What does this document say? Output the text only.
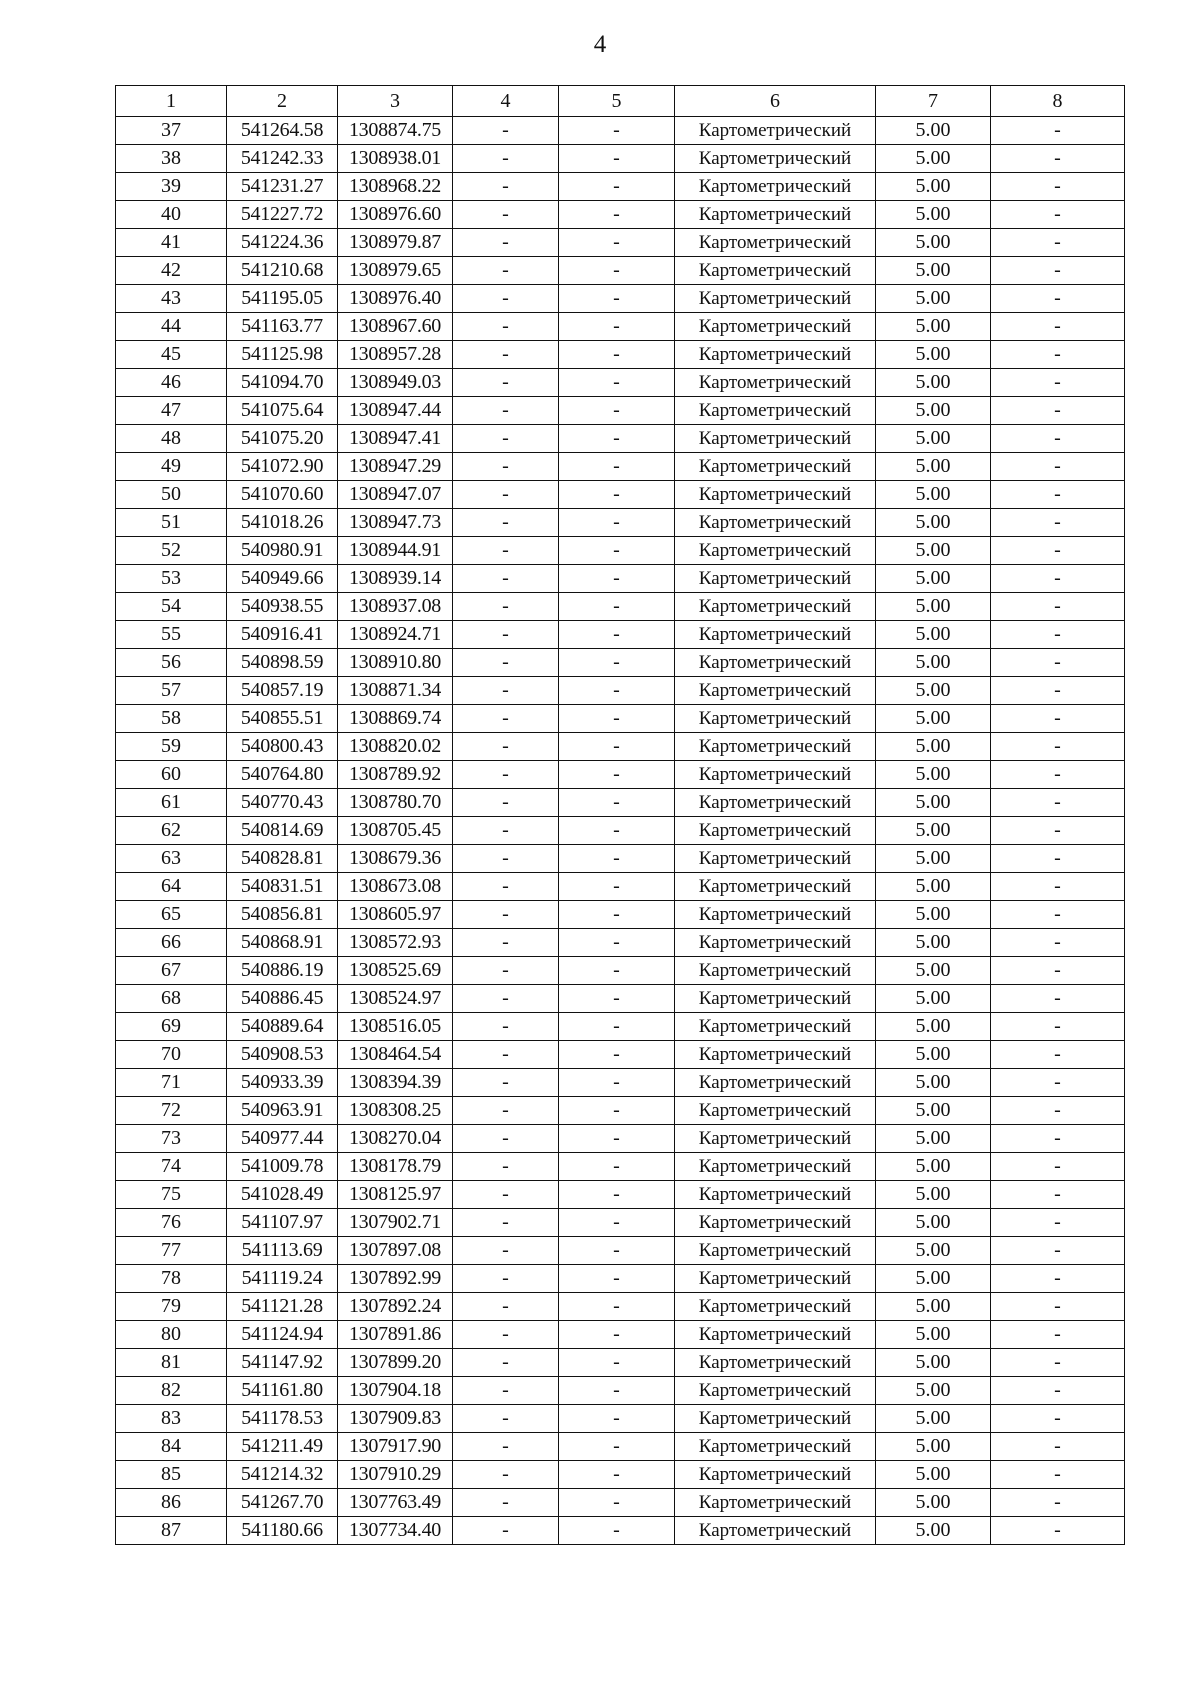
4
1	2	3	4	5	6	7	8
37	541264.58	1308874.75	-	-	Картометрический	5.00	-
38	541242.33	1308938.01	-	-	Картометрический	5.00	-
39	541231.27	1308968.22	-	-	Картометрический	5.00	-
40	541227.72	1308976.60	-	-	Картометрический	5.00	-
41	541224.36	1308979.87	-	-	Картометрический	5.00	-
42	541210.68	1308979.65	-	-	Картометрический	5.00	-
43	541195.05	1308976.40	-	-	Картометрический	5.00	-
44	541163.77	1308967.60	-	-	Картометрический	5.00	-
45	541125.98	1308957.28	-	-	Картометрический	5.00	-
46	541094.70	1308949.03	-	-	Картометрический	5.00	-
47	541075.64	1308947.44	-	-	Картометрический	5.00	-
48	541075.20	1308947.41	-	-	Картометрический	5.00	-
49	541072.90	1308947.29	-	-	Картометрический	5.00	-
50	541070.60	1308947.07	-	-	Картометрический	5.00	-
51	541018.26	1308947.73	-	-	Картометрический	5.00	-
52	540980.91	1308944.91	-	-	Картометрический	5.00	-
53	540949.66	1308939.14	-	-	Картометрический	5.00	-
54	540938.55	1308937.08	-	-	Картометрический	5.00	-
55	540916.41	1308924.71	-	-	Картометрический	5.00	-
56	540898.59	1308910.80	-	-	Картометрический	5.00	-
57	540857.19	1308871.34	-	-	Картометрический	5.00	-
58	540855.51	1308869.74	-	-	Картометрический	5.00	-
59	540800.43	1308820.02	-	-	Картометрический	5.00	-
60	540764.80	1308789.92	-	-	Картометрический	5.00	-
61	540770.43	1308780.70	-	-	Картометрический	5.00	-
62	540814.69	1308705.45	-	-	Картометрический	5.00	-
63	540828.81	1308679.36	-	-	Картометрический	5.00	-
64	540831.51	1308673.08	-	-	Картометрический	5.00	-
65	540856.81	1308605.97	-	-	Картометрический	5.00	-
66	540868.91	1308572.93	-	-	Картометрический	5.00	-
67	540886.19	1308525.69	-	-	Картометрический	5.00	-
68	540886.45	1308524.97	-	-	Картометрический	5.00	-
69	540889.64	1308516.05	-	-	Картометрический	5.00	-
70	540908.53	1308464.54	-	-	Картометрический	5.00	-
71	540933.39	1308394.39	-	-	Картометрический	5.00	-
72	540963.91	1308308.25	-	-	Картометрический	5.00	-
73	540977.44	1308270.04	-	-	Картометрический	5.00	-
74	541009.78	1308178.79	-	-	Картометрический	5.00	-
75	541028.49	1308125.97	-	-	Картометрический	5.00	-
76	541107.97	1307902.71	-	-	Картометрический	5.00	-
77	541113.69	1307897.08	-	-	Картометрический	5.00	-
78	541119.24	1307892.99	-	-	Картометрический	5.00	-
79	541121.28	1307892.24	-	-	Картометрический	5.00	-
80	541124.94	1307891.86	-	-	Картометрический	5.00	-
81	541147.92	1307899.20	-	-	Картометрический	5.00	-
82	541161.80	1307904.18	-	-	Картометрический	5.00	-
83	541178.53	1307909.83	-	-	Картометрический	5.00	-
84	541211.49	1307917.90	-	-	Картометрический	5.00	-
85	541214.32	1307910.29	-	-	Картометрический	5.00	-
86	541267.70	1307763.49	-	-	Картометрический	5.00	-
87	541180.66	1307734.40	-	-	Картометрический	5.00	-
